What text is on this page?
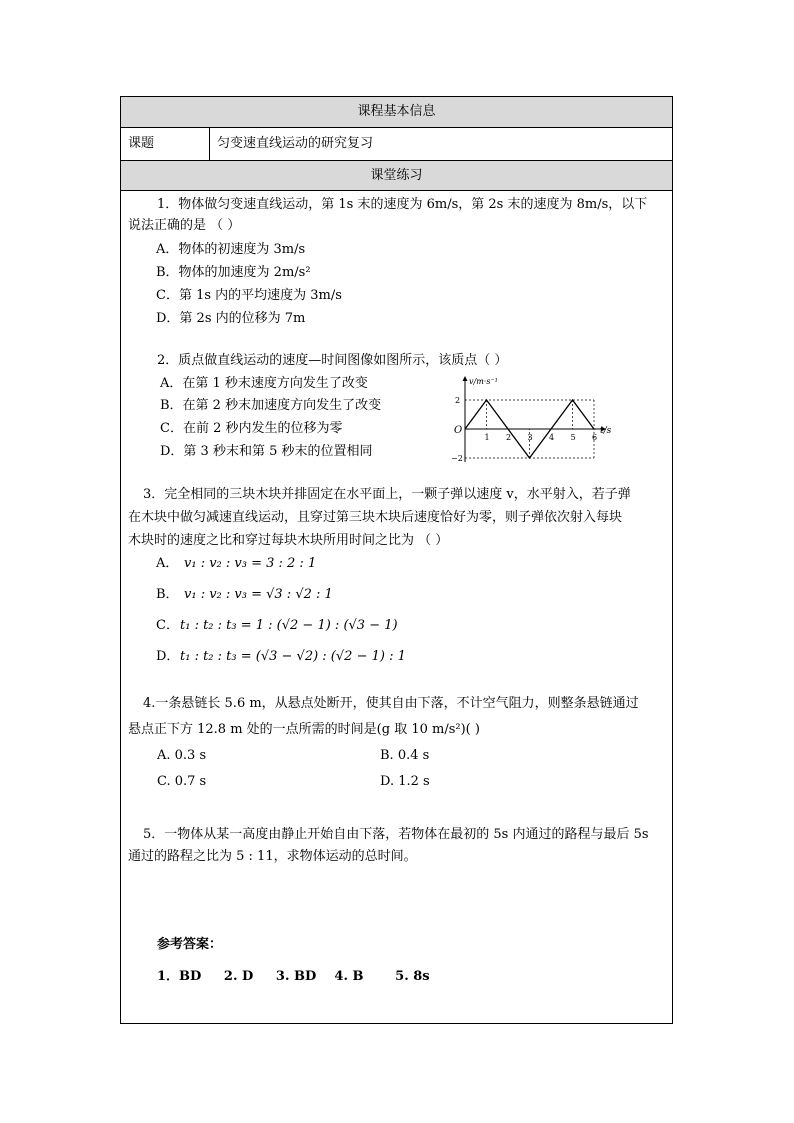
课程基本信息
课题	匀变速直线运动的研究复习
课堂练习
1．物体做匀变速直线运动，第 1s 末的速度为 6m/s，第 2s 末的速度为 8m/s，以下
说法正确的是 （ ）
A．物体的初速度为 3m/s
B．物体的加速度为 2m/s²
C．第 1s 内的平均速度为 3m/s
D．第 2s 内的位移为 7m
2．质点做直线运动的速度—时间图像如图所示，该质点（ ）
A．在第 1 秒末速度方向发生了改变
B．在第 2 秒末加速度方向发生了改变
C．在前 2 秒内发生的位移为零
D．第 3 秒末和第 5 秒末的位置相同
v/m·s⁻¹
t/s
O
2
−2
1 2 3 4 5 6
3．完全相同的三块木块并排固定在水平面上，一颗子弹以速度 v，水平射入，若子弹
在木块中做匀减速直线运动，且穿过第三块木块后速度恰好为零，则子弹依次射入每块
木块时的速度之比和穿过每块木块所用时间之比为 （ ）
A． v₁ : v₂ : v₃ = 3 : 2 : 1
B． v₁ : v₂ : v₃ = √3 : √2 : 1
C． t₁ : t₂ : t₃ = 1 : (√2 − 1) : (√3 − 1)
D． t₁ : t₂ : t₃ = (√3 − √2) : (√2 − 1) : 1
4.一条悬链长 5.6 m，从悬点处断开，使其自由下落，不计空气阻力，则整条悬链通过
悬点正下方 12.8 m 处的一点所需的时间是(g 取 10 m/s²)( )
A. 0.3 s	B. 0.4 s
C. 0.7 s	D. 1.2 s
5．一物体从某一高度由静止开始自由下落，若物体在最初的 5s 内通过的路程与最后 5s
通过的路程之比为 5 : 11，求物体运动的总时间。
参考答案：
1．BD     2. D     3. BD    4. B       5. 8s
